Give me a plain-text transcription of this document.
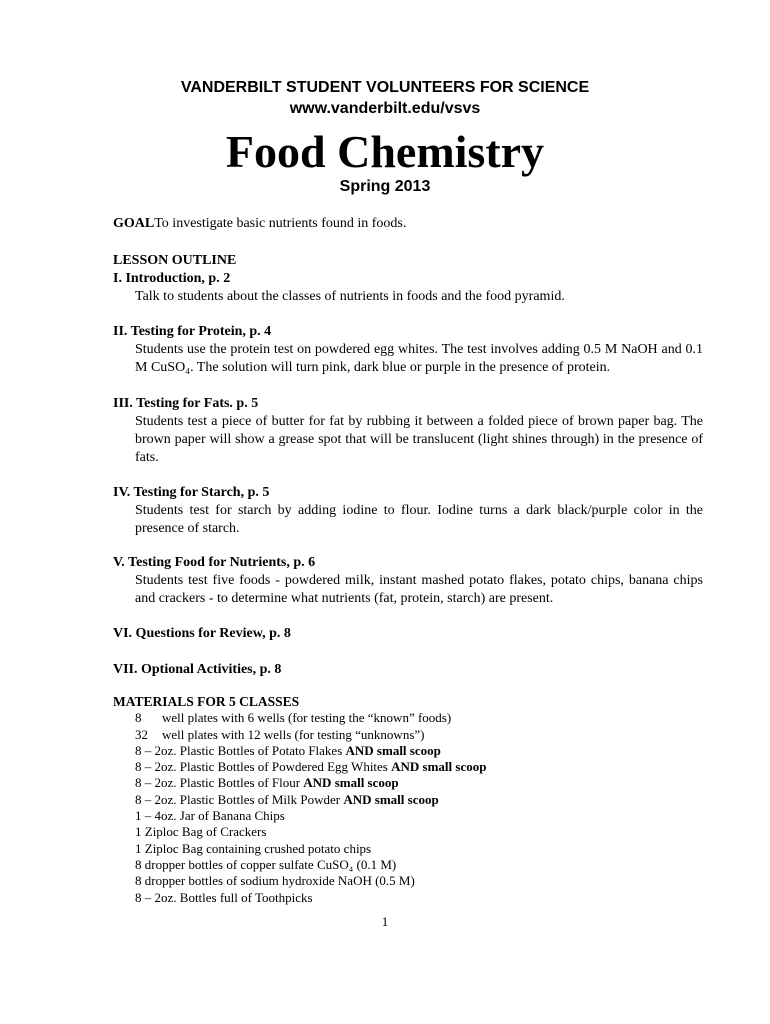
VANDERBILT STUDENT VOLUNTEERS FOR SCIENCE
www.vanderbilt.edu/vsvs
Food Chemistry
Spring 2013
GOALTo investigate basic nutrients found in foods.
LESSON OUTLINE
I. Introduction, p. 2
Talk to students about the classes of nutrients in foods and the food pyramid.
II. Testing for Protein, p. 4
Students use the protein test on powdered egg whites. The test involves adding 0.5 M NaOH and 0.1 M CuSO₄. The solution will turn pink, dark blue or purple in the presence of protein.
III. Testing for Fats. p. 5
Students test a piece of butter for fat by rubbing it between a folded piece of brown paper bag. The brown paper will show a grease spot that will be translucent (light shines through) in the presence of fats.
IV. Testing for Starch, p. 5
Students test for starch by adding iodine to flour. Iodine turns a dark black/purple color in the presence of starch.
V. Testing Food for Nutrients, p. 6
Students test five foods - powdered milk, instant mashed potato flakes, potato chips, banana chips and crackers - to determine what nutrients (fat, protein, starch) are present.
VI. Questions for Review, p. 8
VII. Optional Activities, p. 8
MATERIALS FOR 5 CLASSES
8 well plates with 6 wells (for testing the “known” foods)
32 well plates with 12 wells (for testing “unknowns”)
8 – 2oz. Plastic Bottles of Potato Flakes AND small scoop
8 – 2oz. Plastic Bottles of Powdered Egg Whites AND small scoop
8 – 2oz. Plastic Bottles of Flour AND small scoop
8 – 2oz. Plastic Bottles of Milk Powder AND small scoop
1 – 4oz. Jar of Banana Chips
1 Ziploc Bag of Crackers
1 Ziploc Bag containing crushed potato chips
8 dropper bottles of copper sulfate CuSO₄ (0.1 M)
8 dropper bottles of sodium hydroxide NaOH (0.5 M)
8 – 2oz. Bottles full of Toothpicks
1
